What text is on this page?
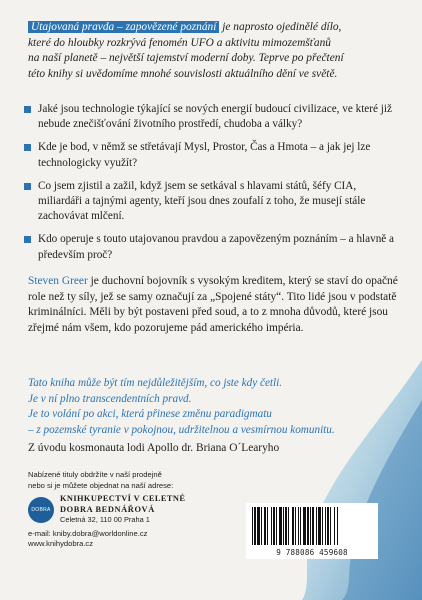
Utajovaná pravda – zapovězené poznání je naprosto ojedinělé dílo,
které do hloubky rozkrývá fenomén UFO a aktivitu mimozemšťanů
na naší planetě – největší tajemství moderní doby. Teprve po přečtení
této knihy si uvědomíme mnohé souvislosti aktuálního dění ve světě.
Jaké jsou technologie týkající se nových energií budoucí civilizace, ve které již nebude znečišťování životního prostředí, chudoba a války?
Kde je bod, v němž se střetávají Mysl, Prostor, Čas a Hmota – a jak jej lze technologicky využít?
Co jsem zjistil a zažil, když jsem se setkával s hlavami států, šéfy CIA, miliardáři a tajnými agenty, kteří jsou dnes zoufalí z toho, že musejí stále zachovávat mlčení.
Kdo operuje s touto utajovanou pravdou a zapovězeným poznáním – a hlavně a především proč?
Steven Greer je duchovní bojovník s vysokým kreditem, který se staví do opačné role než ty síly, jež se samy označují za „Spojené státy“. Tito lidé jsou v podstatě kriminálníci. Měli by být postaveni před soud, a to z mnoha důvodů, které jsou zřejmé nám všem, kdo pozorujeme pád amerického impéria.
Tato kniha může být tím nejdůležitějším, co jste kdy četli.
Je v ní plno transcendentních pravd.
Je to volání po akci, která přinese změnu paradigmatu
– z pozemské tyranie v pokojnou, udržitelnou a vesmírnou komunitu.
Z úvodu kosmonauta lodi Apollo dr. Briana O´Learyho
Nabízené tituly obdržíte v naší prodejně
nebo si je můžete objednat na naší adrese:
DOBRA
KNIHKUPECTVÍ V CELETNÉ
DOBRA BEDNÁŘOVÁ
Celetná 32, 110 00 Praha 1
e-mail: kniby.dobra@worldonline.cz
www.knihydobra.cz
9 788086 459608
